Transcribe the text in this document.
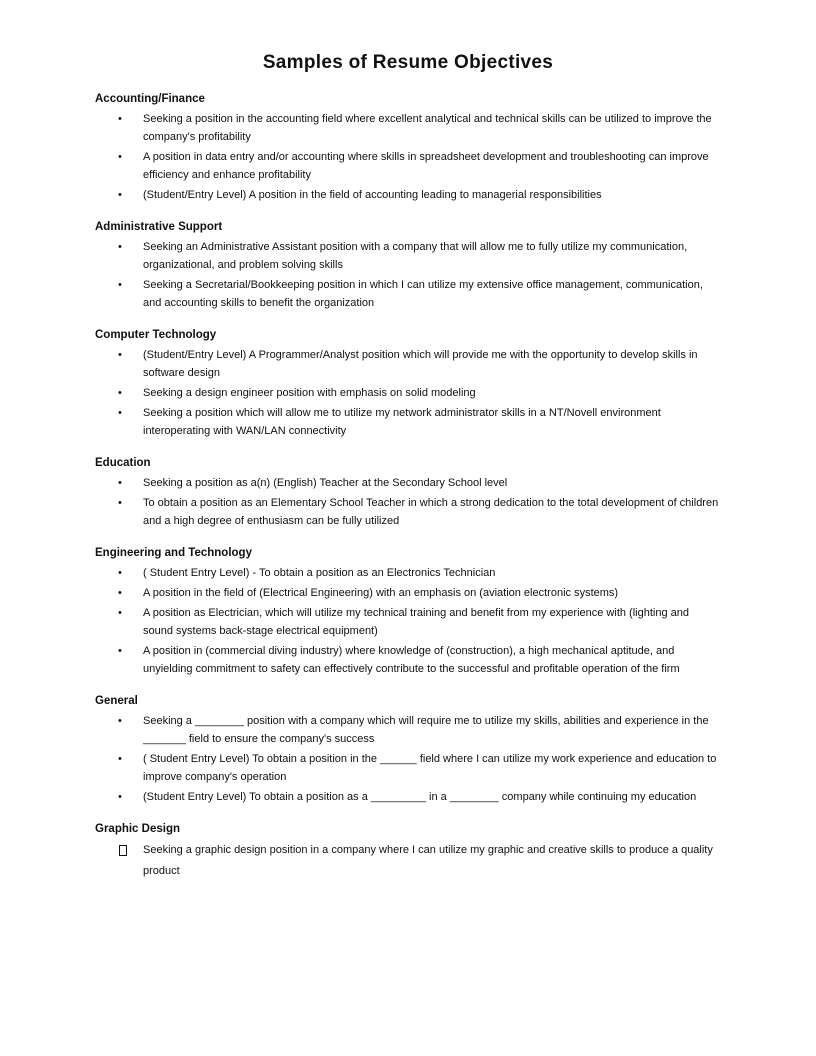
Samples of Resume Objectives
Accounting/Finance
• Seeking a position in the accounting field where excellent analytical and technical skills can be utilized to improve the company's profitability
• A position in data entry and/or accounting where skills in spreadsheet development and troubleshooting can improve efficiency and enhance profitability
• (Student/Entry Level) A position in the field of accounting leading to managerial responsibilities
Administrative Support
• Seeking an Administrative Assistant position with a company that will allow me to fully utilize my communication, organizational, and problem solving skills
• Seeking a Secretarial/Bookkeeping position in which I can utilize my extensive office management, communication, and accounting skills to benefit the organization
Computer Technology
• (Student/Entry Level) A Programmer/Analyst position which will provide me with the opportunity to develop skills in software design
• Seeking a design engineer position with emphasis on solid modeling
• Seeking a position which will allow me to utilize my network administrator skills in a NT/Novell environment interoperating with WAN/LAN connectivity
Education
• Seeking a position as a(n) (English) Teacher at the Secondary School level
• To obtain a position as an Elementary School Teacher in which a strong dedication to the total development of children and a high degree of enthusiasm can be fully utilized
Engineering and Technology
• ( Student Entry Level) - To obtain a position as an Electronics Technician
• A position in the field of (Electrical Engineering) with an emphasis on (aviation electronic systems)
• A position as Electrician, which will utilize my technical training and benefit from my experience with (lighting and sound systems back-stage electrical equipment)
• A position in (commercial diving industry) where knowledge of (construction), a high mechanical aptitude, and unyielding commitment to safety can effectively contribute to the successful and profitable operation of the firm
General
• Seeking a ________ position with a company which will require me to utilize my skills, abilities and experience in the _______ field to ensure the company's success
• ( Student Entry Level) To obtain a position in the ______ field where I can utilize my work experience and education to improve company's operation
• (Student Entry Level) To obtain a position as a _________ in a ________ company while continuing my education
Graphic Design
Seeking a graphic design position in a company where I can utilize my graphic and creative skills to produce a quality product
